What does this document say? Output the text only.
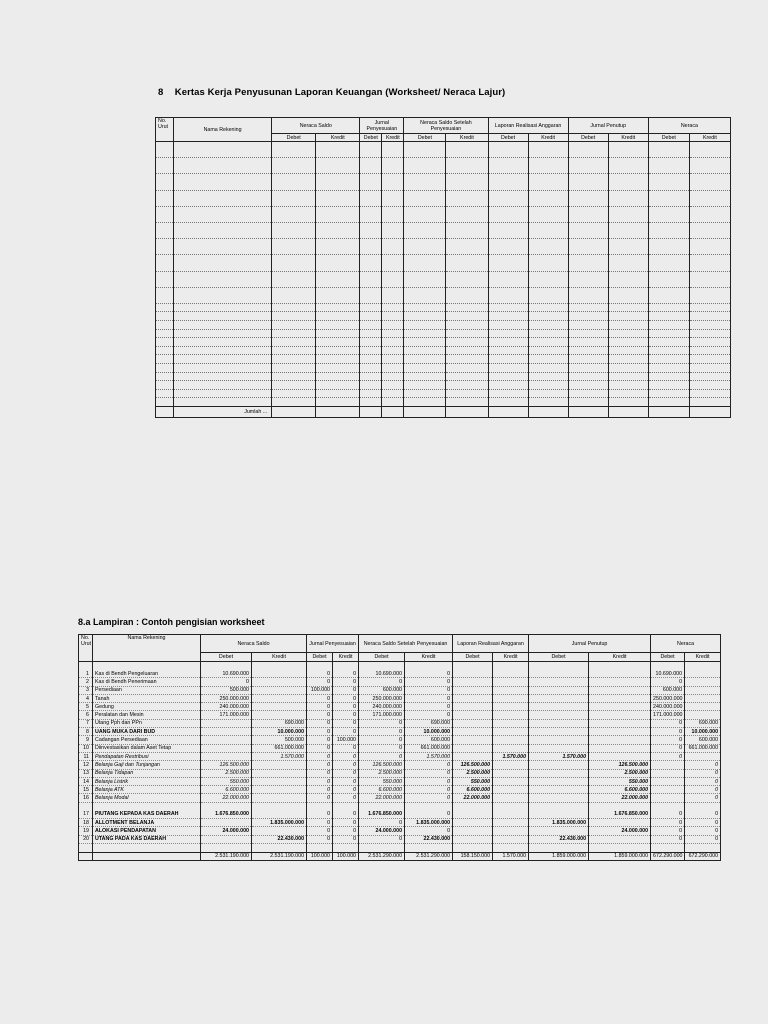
8 Kertas Kerja Penyusunan Laporan Keuangan (Worksheet/ Neraca Lajur)
No. Urut	Nama Rekening	Neraca Saldo		Jurnal Penyesuaian		Neraca Saldo Setelah Penyesuaian		Laporan Realisasi Anggaran		Jurnal Penutup		Neraca	
		Debet	Kredit	Debet	Kredit	Debet	Kredit	Debet	Kredit	Debet	Kredit	Debet	Kredit

	Jumlah ...												
8.a Lampiran : Contoh pengisian worksheet
No. Urut	Nama Rekening	Neraca Saldo		Jurnal Penyesuaian		Neraca Saldo Setelah Penyesuaian		Laporan Realisasi Anggaran		Jurnal Penutup		Neraca	
		Debet	Kredit	Debet	Kredit	Debet	Kredit	Debet	Kredit	Debet	Kredit	Debet	Kredit

1	Kas di Bendh Pengeluaran	10.690.000		0	0	10.690.000	0					10.690.000	
2	Kas di Bendh Penerimaan	0		0	0	0	0					0	
3	Persediaan	500.000		100.000	0	600.000	0					600.000	
4	Tanah	250.000.000		0	0	250.000.000	0					250.000.000	
5	Gedung	240.000.000		0	0	240.000.000	0					240.000.000	
6	Peralatan dan Mesin	171.000.000		0	0	171.000.000	0					171.000.000	
7	Utang Pph dan PPn		690.000	0	0	0	690.000					0	690.000
8	UANG MUKA DARI BUD		10.000.000	0	0	0	10.000.000					0	10.000.000
9	Cadangan Persediaan		500.000	0	100.000	0	600.000					0	600.000
10	Diinvestasikan dalam Aset Tetap		661.000.000	0	0	0	661.000.000					0	661.000.000
11	Pendapatan Restribusi		1.570.000	0	0	0	1.570.000		1.570.000	1.570.000		0	
12	Belanja Gaji dan Tunjangan	126.500.000		0	0	126.500.000	0	126.500.000			126.500.000		0
13	Belanja Tidapan	2.500.000		0	0	2.500.000	0	2.500.000			2.500.000		0
14	Belanja Listrik	550.000		0	0	550.000	0	550.000			550.000		0
15	Belanja ATK	6.600.000		0	0	6.600.000	0	6.600.000			6.600.000		0
16	Belanja Modal	22.000.000		0	0	22.000.000	0	22.000.000			22.000.000		0

17	PIUTANG KEPADA KAS DAERAH	1.676.850.000		0	0	1.676.850.000	0				1.676.850.000	0	0
18	ALLOTMENT BELANJA		1.835.000.000	0	0	0	1.835.000.000			1.835.000.000		0	0
19	ALOKASI PENDAPATAN	24.000.000		0	0	24.000.000	0				24.000.000	0	0
20	UTANG PADA KAS DAERAH		22.430.000	0	0	0	22.430.000			22.430.000		0	0

		2.531.190.000	2.531.190.000	100.000	100.000	2.531.290.000	2.531.290.000	158.150.000	1.570.000	1.859.000.000	1.859.000.000	672.290.000	672.290.000
